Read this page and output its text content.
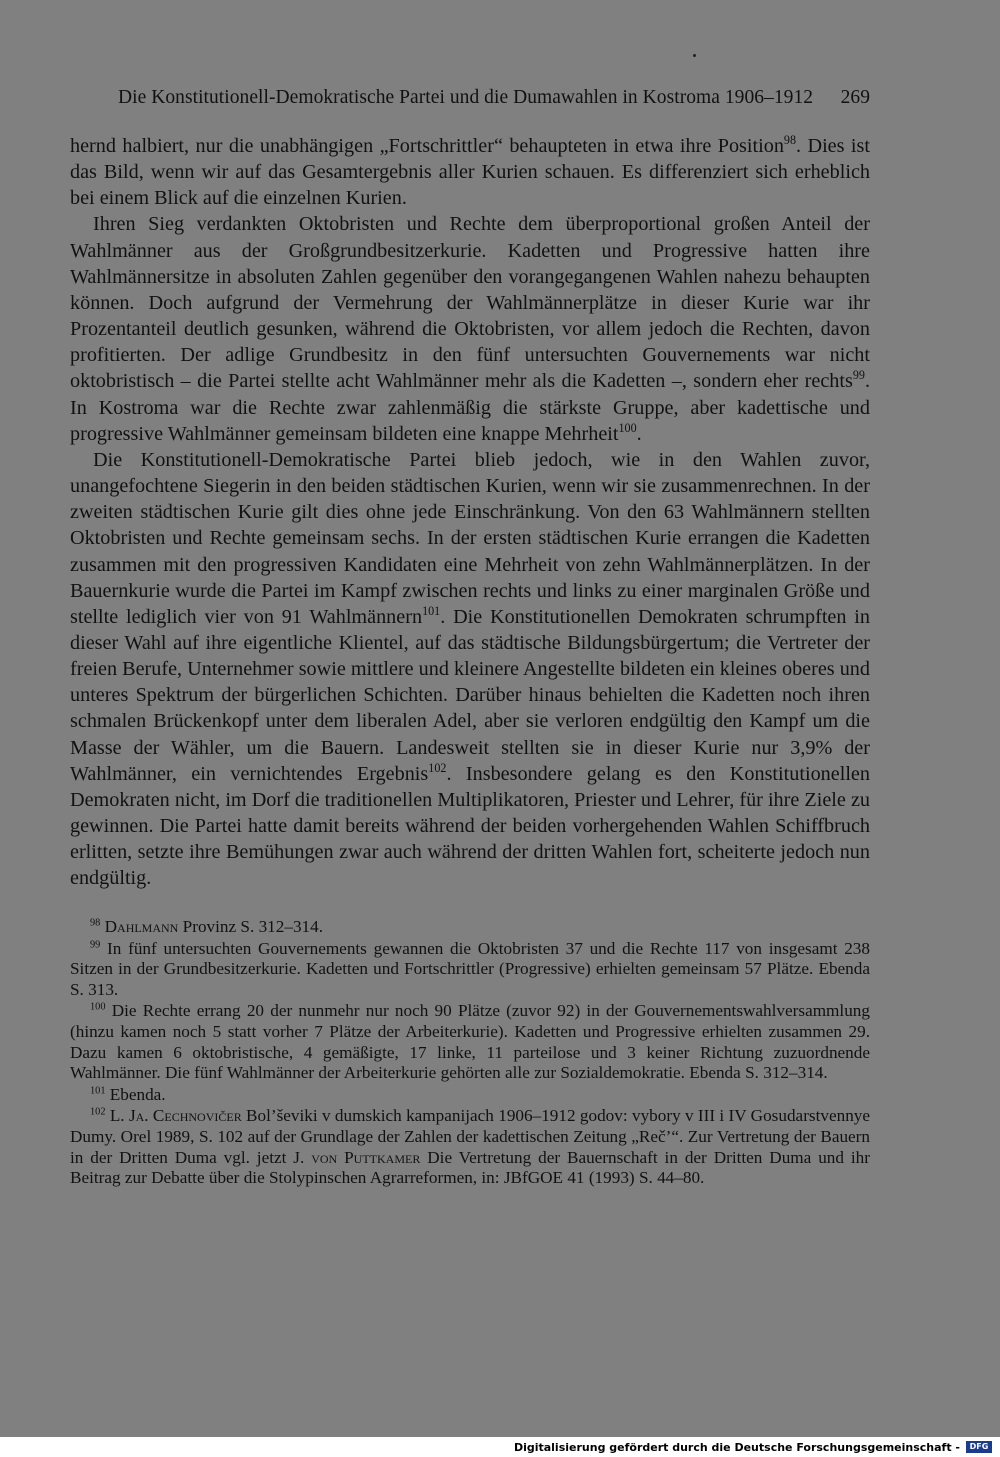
Die Konstitutionell-Demokratische Partei und die Dumawahlen in Kostroma 1906–1912 269

hernd halbiert, nur die unabhängigen „Fortschrittler“ behaupteten in etwa ihre Position$^{98}$. Dies ist das Bild, wenn wir auf das Gesamtergebnis aller Kurien schauen. Es differenziert sich erheblich bei einem Blick auf die einzelnen Kurien.

Ihren Sieg verdankten Oktobristen und Rechte dem überproportional großen Anteil der Wahlmänner aus der Großgrundbesitzerkurie. Kadetten und Progressive hatten ihre Wahlmännersitze in absoluten Zahlen gegenüber den vorangegangenen Wahlen nahezu behaupten können. Doch aufgrund der Vermehrung der Wahlmännerplätze in dieser Kurie war ihr Prozentanteil deutlich gesunken, während die Oktobristen, vor allem jedoch die Rechten, davon profitierten. Der adlige Grundbesitz in den fünf untersuchten Gouvernements war nicht oktobristisch – die Partei stellte acht Wahlmänner mehr als die Kadetten –, sondern eher rechts$^{99}$. In Kostroma war die Rechte zwar zahlenmäßig die stärkste Gruppe, aber kadettische und progressive Wahlmänner gemeinsam bildeten eine knappe Mehrheit$^{100}$.

Die Konstitutionell-Demokratische Partei blieb jedoch, wie in den Wahlen zuvor, unangefochtene Siegerin in den beiden städtischen Kurien, wenn wir sie zusammenrechnen. In der zweiten städtischen Kurie gilt dies ohne jede Einschränkung. Von den 63 Wahlmännern stellten Oktobristen und Rechte gemeinsam sechs. In der ersten städtischen Kurie errangen die Kadetten zusammen mit den progressiven Kandidaten eine Mehrheit von zehn Wahlmännerplätzen. In der Bauernkurie wurde die Partei im Kampf zwischen rechts und links zu einer marginalen Größe und stellte lediglich vier von 91 Wahlmännern$^{101}$. Die Konstitutionellen Demokraten schrumpften in dieser Wahl auf ihre eigentliche Klientel, auf das städtische Bildungsbürgertum; die Vertreter der freien Berufe, Unternehmer sowie mittlere und kleinere Angestellte bildeten ein kleines oberes und unteres Spektrum der bürgerlichen Schichten. Darüber hinaus behielten die Kadetten noch ihren schmalen Brückenkopf unter dem liberalen Adel, aber sie verloren endgültig den Kampf um die Masse der Wähler, um die Bauern. Landesweit stellten sie in dieser Kurie nur 3,9% der Wahlmänner, ein vernichtendes Ergebnis$^{102}$. Insbesondere gelang es den Konstitutionellen Demokraten nicht, im Dorf die traditionellen Multiplikatoren, Priester und Lehrer, für ihre Ziele zu gewinnen. Die Partei hatte damit bereits während der beiden vorhergehenden Wahlen Schiffbruch erlitten, setzte ihre Bemühungen zwar auch während der dritten Wahlen fort, scheiterte jedoch nun endgültig.

$^{98}$ Dahlmann Provinz S. 312–314.

$^{99}$ In fünf untersuchten Gouvernements gewannen die Oktobristen 37 und die Rechte 117 von insgesamt 238 Sitzen in der Grundbesitzerkurie. Kadetten und Fortschrittler (Progressive) erhielten gemeinsam 57 Plätze. Ebenda S. 313.

$^{100}$ Die Rechte errang 20 der nunmehr nur noch 90 Plätze (zuvor 92) in der Gouvernementswahlversammlung (hinzu kamen noch 5 statt vorher 7 Plätze der Arbeiterkurie). Kadetten und Progressive erhielten zusammen 29. Dazu kamen 6 oktobristische, 4 gemäßigte, 17 linke, 11 parteilose und 3 keiner Richtung zuzuordnende Wahlmänner. Die fünf Wahlmänner der Arbeiterkurie gehörten alle zur Sozialdemokratie. Ebenda S. 312–314.

$^{101}$ Ebenda.

$^{102}$ L. Ja. Cechnovičer Bol’ševiki v dumskich kampanijach 1906–1912 godov: vybory v III i IV Gosudarstvennye Dumy. Orel 1989, S. 102 auf der Grundlage der Zahlen der kadettischen Zeitung „Reč’“. Zur Vertretung der Bauern in der Dritten Duma vgl. jetzt J. von Puttkamer Die Vertretung der Bauernschaft in der Dritten Duma und ihr Beitrag zur Debatte über die Stolypinschen Agrarreformen, in: JBfGOE 41 (1993) S. 44–80.

Digitalisierung gefördert durch die Deutsche Forschungsgemeinschaft -	DFG
